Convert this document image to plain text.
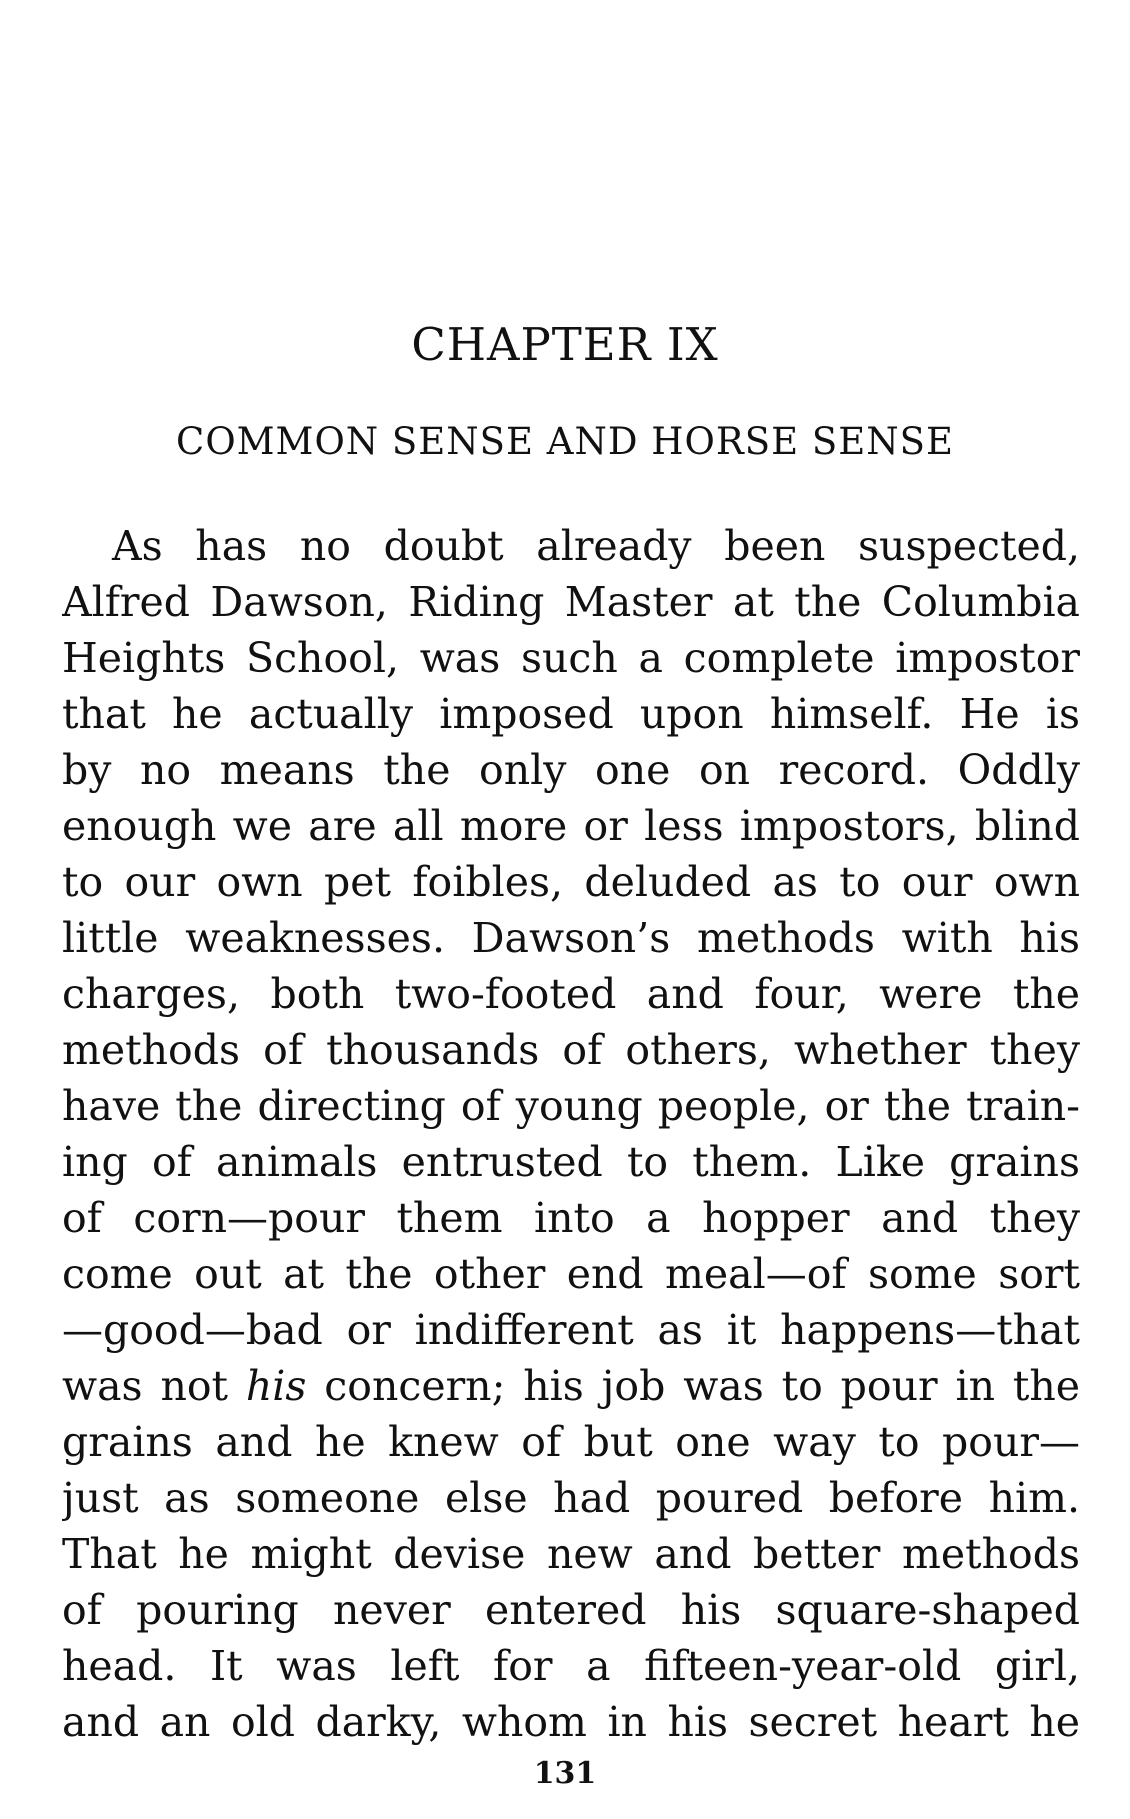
CHAPTER IX
COMMON SENSE AND HORSE SENSE
As has no doubt already been suspected,
Alfred Dawson, Riding Master at the Columbia
Heights School, was such a complete impostor
that he actually imposed upon himself. He is
by no means the only one on record. Oddly
enough we are all more or less impostors, blind
to our own pet foibles, deluded as to our own
little weaknesses. Dawson’s methods with his
charges, both two-footed and four, were the
methods of thousands of others, whether they
have the directing of young people, or the train-
ing of animals entrusted to them. Like grains
of corn—pour them into a hopper and they
come out at the other end meal—of some sort
—good—bad or indifferent as it happens—that
was not his concern; his job was to pour in the
grains and he knew of but one way to pour—
just as someone else had poured before him.
That he might devise new and better methods
of pouring never entered his square-shaped
head. It was left for a fifteen-year-old girl,
and an old darky, whom in his secret heart he

131
